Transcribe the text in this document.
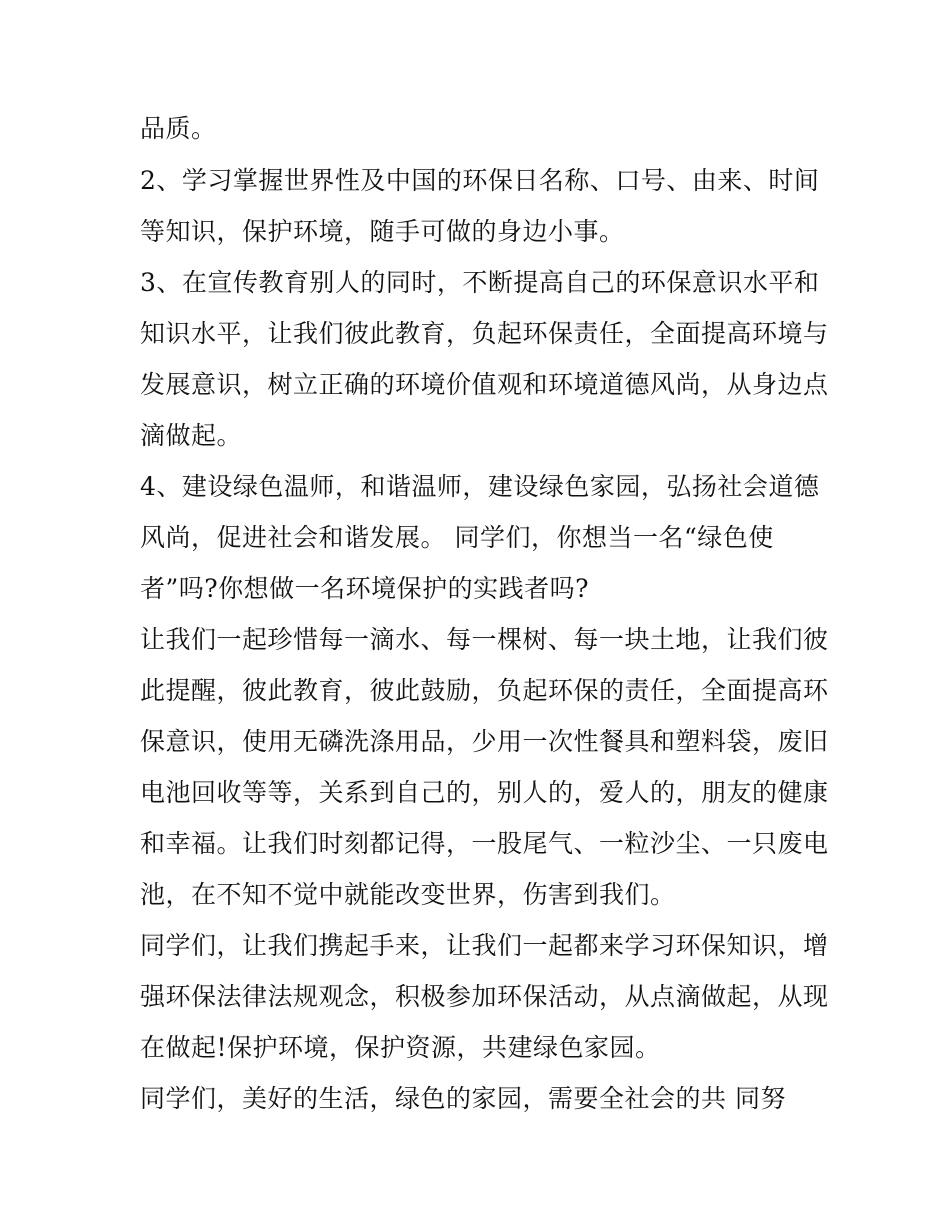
品质。
2、学习掌握世界性及中国的环保日名称、口号、由来、时间
等知识，保护环境，随手可做的身边小事。
3、在宣传教育别人的同时，不断提高自己的环保意识水平和
知识水平，让我们彼此教育，负起环保责任，全面提高环境与
发展意识，树立正确的环境价值观和环境道德风尚，从身边点
滴做起。
4、建设绿色温师，和谐温师，建设绿色家园，弘扬社会道德
风尚，促进社会和谐发展。 同学们，你想当一名“绿色使
者”吗?你想做一名环境保护的实践者吗?
让我们一起珍惜每一滴水、每一棵树、每一块土地，让我们彼
此提醒，彼此教育，彼此鼓励，负起环保的责任，全面提高环
保意识，使用无磷洗涤用品，少用一次性餐具和塑料袋，废旧
电池回收等等，关系到自己的，别人的，爱人的，朋友的健康
和幸福。让我们时刻都记得，一股尾气、一粒沙尘、一只废电
池，在不知不觉中就能改变世界，伤害到我们。
同学们，让我们携起手来，让我们一起都来学习环保知识，增
强环保法律法规观念，积极参加环保活动，从点滴做起，从现
在做起!保护环境，保护资源，共建绿色家园。
同学们，美好的生活，绿色的家园，需要全社会的共 同努
